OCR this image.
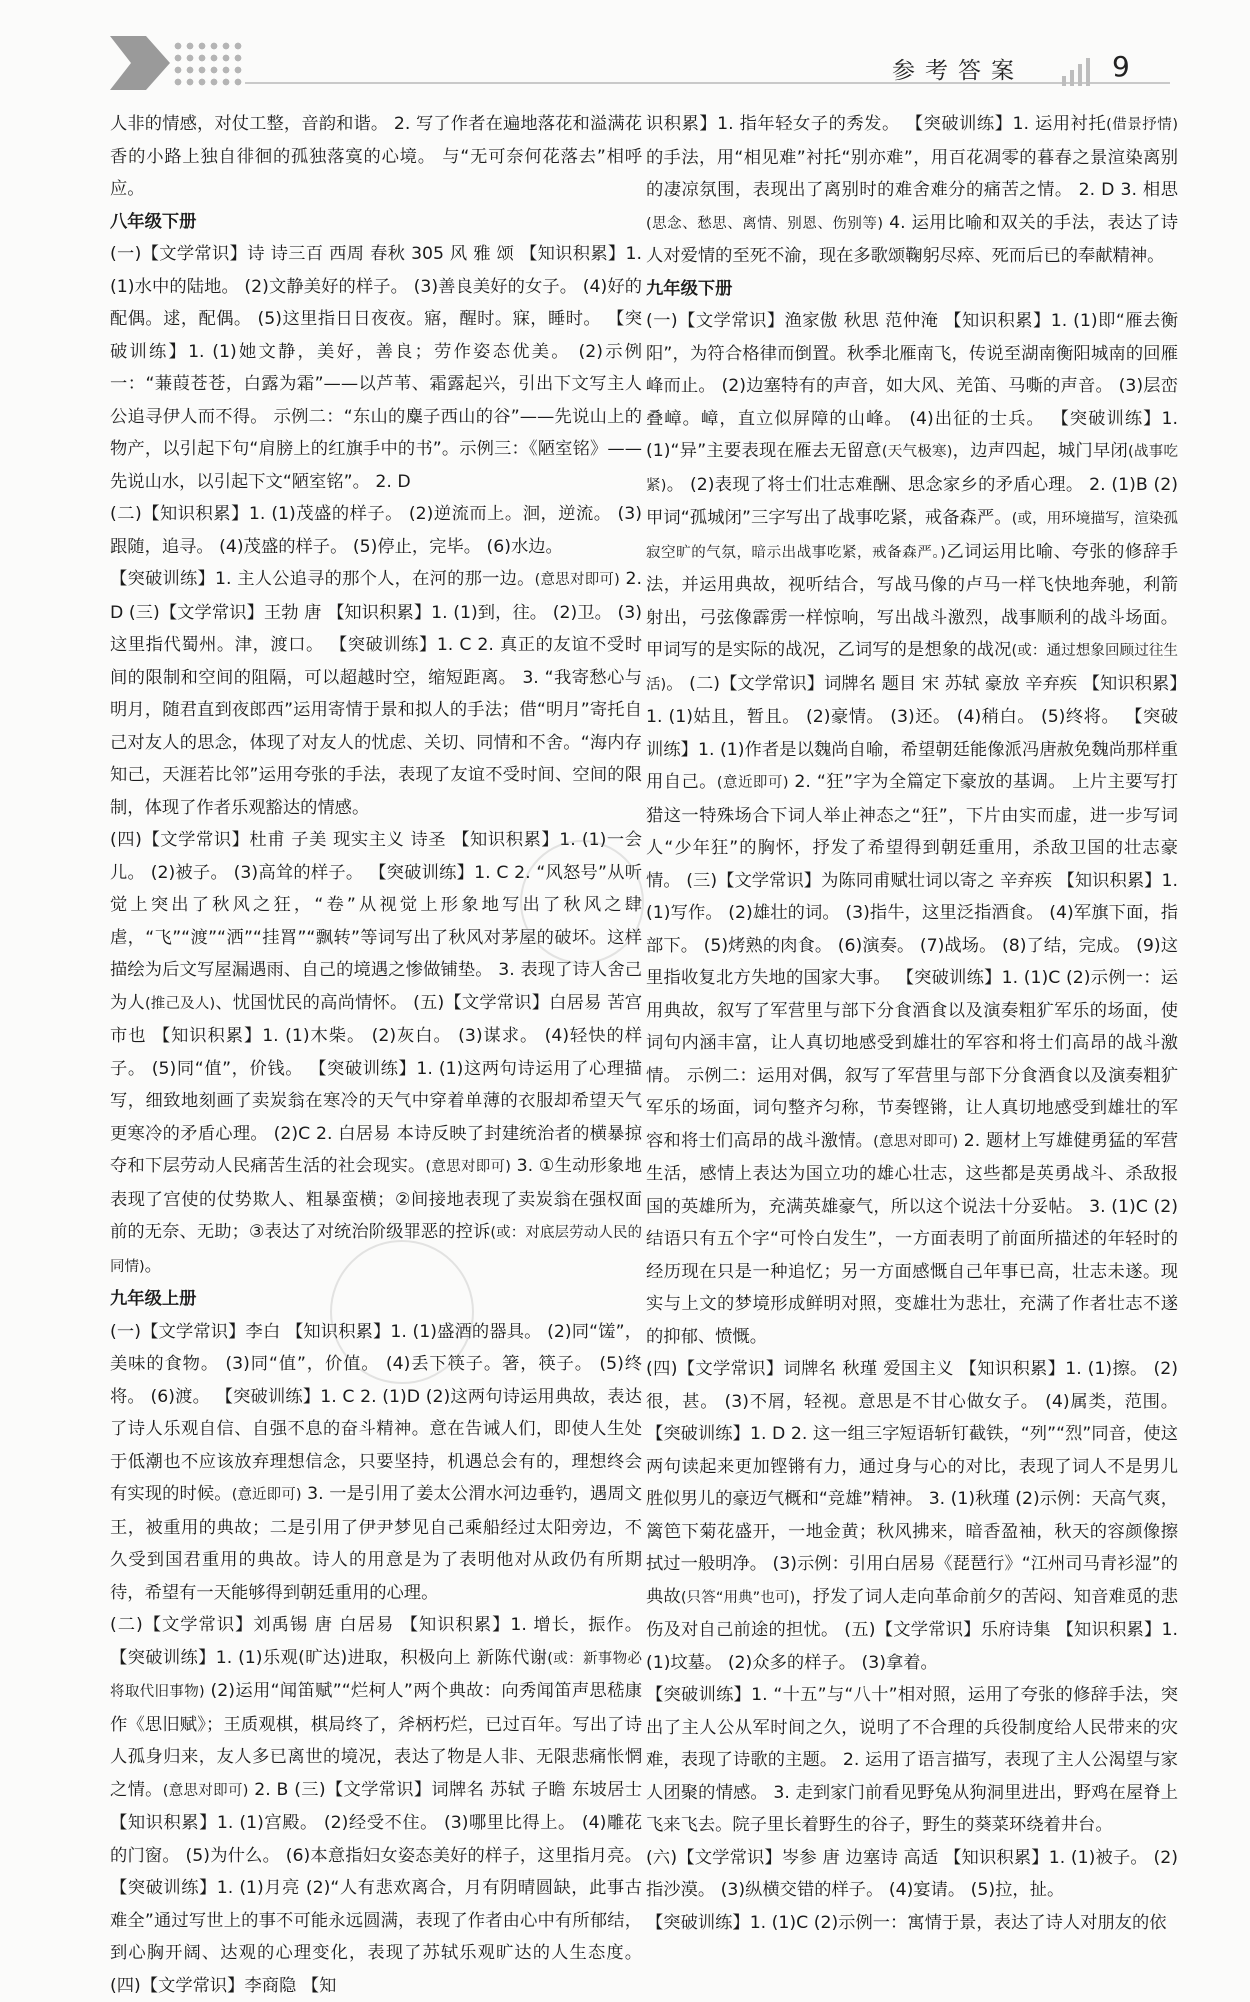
参考答案	9
人非的情感，对仗工整，音韵和谐。 2. 写了作者在遍地落花和溢满花香的小路上独自徘徊的孤独落寞的心境。 与“无可奈何花落去”相呼应。
八年级下册
(一)【文学常识】诗 诗三百 西周 春秋 305 风 雅 颂 【知识积累】1. (1)水中的陆地。 (2)文静美好的样子。 (3)善良美好的女子。 (4)好的配偶。逑，配偶。 (5)这里指日日夜夜。寤，醒时。寐，睡时。 【突破训练】1. (1)她文静，美好，善良；劳作姿态优美。 (2)示例一：“蒹葭苍苍，白露为霜”——以芦苇、霜露起兴，引出下文写主人公追寻伊人而不得。 示例二：“东山的麋子西山的谷”——先说山上的物产，以引起下句“肩膀上的红旗手中的书”。示例三：《陋室铭》——先说山水，以引起下文“陋室铭”。 2. D
(二)【知识积累】1. (1)茂盛的样子。 (2)逆流而上。洄，逆流。 (3)跟随，追寻。 (4)茂盛的样子。 (5)停止，完毕。 (6)水边。
【突破训练】1. 主人公追寻的那个人，在河的那一边。(意思对即可) 2. D (三)【文学常识】王勃 唐 【知识积累】1. (1)到，往。 (2)卫。 (3)这里指代蜀州。津，渡口。 【突破训练】1. C 2. 真正的友谊不受时间的限制和空间的阻隔，可以超越时空，缩短距离。 3. “我寄愁心与明月，随君直到夜郎西”运用寄情于景和拟人的手法；借“明月”寄托自己对友人的思念，体现了对友人的忧虑、关切、同情和不舍。“海内存知己，天涯若比邻”运用夸张的手法，表现了友谊不受时间、空间的限制，体现了作者乐观豁达的情感。
(四)【文学常识】杜甫 子美 现实主义 诗圣 【知识积累】1. (1)一会儿。 (2)被子。 (3)高耸的样子。 【突破训练】1. C 2. “风怒号”从听觉上突出了秋风之狂，“卷”从视觉上形象地写出了秋风之肆虐，“飞”“渡”“洒”“挂罥”“飘转”等词写出了秋风对茅屋的破坏。这样描绘为后文写屋漏遇雨、自己的境遇之惨做铺垫。 3. 表现了诗人舍己为人(推己及人)、忧国忧民的高尚情怀。 (五)【文学常识】白居易 苦宫市也 【知识积累】1. (1)木柴。 (2)灰白。 (3)谋求。 (4)轻快的样子。 (5)同“值”，价钱。 【突破训练】1. (1)这两句诗运用了心理描写，细致地刻画了卖炭翁在寒冷的天气中穿着单薄的衣服却希望天气更寒冷的矛盾心理。 (2)C 2. 白居易 本诗反映了封建统治者的横暴掠夺和下层劳动人民痛苦生活的社会现实。(意思对即可) 3. ①生动形象地表现了宫使的仗势欺人、粗暴蛮横；②间接地表现了卖炭翁在强权面前的无奈、无助；③表达了对统治阶级罪恶的控诉(或：对底层劳动人民的同情)。
九年级上册
(一)【文学常识】李白 【知识积累】1. (1)盛酒的器具。 (2)同“馐”，美味的食物。 (3)同“值”，价值。 (4)丢下筷子。箸，筷子。 (5)终将。 (6)渡。 【突破训练】1. C 2. (1)D (2)这两句诗运用典故，表达了诗人乐观自信、自强不息的奋斗精神。意在告诫人们，即使人生处于低潮也不应该放弃理想信念，只要坚持，机遇总会有的，理想终会有实现的时候。(意近即可) 3. 一是引用了姜太公渭水河边垂钓，遇周文王，被重用的典故；二是引用了伊尹梦见自己乘船经过太阳旁边，不久受到国君重用的典故。诗人的用意是为了表明他对从政仍有所期待，希望有一天能够得到朝廷重用的心理。
(二)【文学常识】刘禹锡 唐 白居易 【知识积累】1. 增长，振作。 【突破训练】1. (1)乐观(旷达)进取，积极向上 新陈代谢(或：新事物必将取代旧事物) (2)运用“闻笛赋”“烂柯人”两个典故：向秀闻笛声思嵇康作《思旧赋》；王质观棋，棋局终了，斧柄朽烂，已过百年。写出了诗人孤身归来，友人多已离世的境况，表达了物是人非、无限悲痛怅惘之情。(意思对即可) 2. B (三)【文学常识】词牌名 苏轼 子瞻 东坡居士 【知识积累】1. (1)宫殿。 (2)经受不住。 (3)哪里比得上。 (4)雕花的门窗。 (5)为什么。 (6)本意指妇女姿态美好的样子，这里指月亮。 【突破训练】1. (1)月亮 (2)“人有悲欢离合，月有阴晴圆缺，此事古难全”通过写世上的事不可能永远圆满，表现了作者由心中有所郁结，到心胸开阔、达观的心理变化，表现了苏轼乐观旷达的人生态度。 (四)【文学常识】李商隐 【知
识积累】1. 指年轻女子的秀发。 【突破训练】1. 运用衬托(借景抒情)的手法，用“相见难”衬托“别亦难”，用百花凋零的暮春之景渲染离别的凄凉氛围，表现出了离别时的难舍难分的痛苦之情。 2. D 3. 相思(思念、愁思、离情、别恩、伤别等) 4. 运用比喻和双关的手法，表达了诗人对爱情的至死不渝，现在多歌颂鞠躬尽瘁、死而后已的奉献精神。
九年级下册
(一)【文学常识】渔家傲 秋思 范仲淹 【知识积累】1. (1)即“雁去衡阳”，为符合格律而倒置。秋季北雁南飞，传说至湖南衡阳城南的回雁峰而止。 (2)边塞特有的声音，如大风、羌笛、马嘶的声音。 (3)层峦叠嶂。嶂，直立似屏障的山峰。 (4)出征的士兵。 【突破训练】1. (1)“异”主要表现在雁去无留意(天气极寒)，边声四起，城门早闭(战事吃紧)。 (2)表现了将士们壮志难酬、思念家乡的矛盾心理。 2. (1)B (2)甲词“孤城闭”三字写出了战事吃紧，戒备森严。(或，用环境描写，渲染孤寂空旷的气氛，暗示出战事吃紧，戒备森严。)乙词运用比喻、夸张的修辞手法，并运用典故，视听结合，写战马像的卢马一样飞快地奔驰，利箭射出，弓弦像霹雳一样惊响，写出战斗激烈，战事顺利的战斗场面。甲词写的是实际的战况，乙词写的是想象的战况(或：通过想象回顾过往生活)。 (二)【文学常识】词牌名 题目 宋 苏轼 豪放 辛弃疾 【知识积累】1. (1)姑且，暂且。 (2)豪情。 (3)还。 (4)稍白。 (5)终将。 【突破训练】1. (1)作者是以魏尚自喻，希望朝廷能像派冯唐赦免魏尚那样重用自己。(意近即可) 2. “狂”字为全篇定下豪放的基调。 上片主要写打猎这一特殊场合下词人举止神态之“狂”，下片由实而虚，进一步写词人“少年狂”的胸怀，抒发了希望得到朝廷重用，杀敌卫国的壮志豪情。 (三)【文学常识】为陈同甫赋壮词以寄之 辛弃疾 【知识积累】1. (1)写作。 (2)雄壮的词。 (3)指牛，这里泛指酒食。 (4)军旗下面，指部下。 (5)烤熟的肉食。 (6)演奏。 (7)战场。 (8)了结，完成。 (9)这里指收复北方失地的国家大事。 【突破训练】1. (1)C (2)示例一：运用典故，叙写了军营里与部下分食酒食以及演奏粗犷军乐的场面，使词句内涵丰富，让人真切地感受到雄壮的军容和将士们高昂的战斗激情。 示例二：运用对偶，叙写了军营里与部下分食酒食以及演奏粗犷军乐的场面，词句整齐匀称，节奏铿锵，让人真切地感受到雄壮的军容和将士们高昂的战斗激情。(意思对即可) 2. 题材上写雄健勇猛的军营生活，感情上表达为国立功的雄心壮志，这些都是英勇战斗、杀敌报国的英雄所为，充满英雄豪气，所以这个说法十分妥帖。 3. (1)C (2)结语只有五个字“可怜白发生”，一方面表明了前面所描述的年轻时的经历现在只是一种追忆；另一方面感慨自己年事已高，壮志未遂。现实与上文的梦境形成鲜明对照，变雄壮为悲壮，充满了作者壮志不遂的抑郁、愤慨。
(四)【文学常识】词牌名 秋瑾 爱国主义 【知识积累】1. (1)擦。 (2)很，甚。 (3)不屑，轻视。意思是不甘心做女子。 (4)属类，范围。 【突破训练】1. D 2. 这一组三字短语斩钉截铁，“列”“烈”同音，使这两句读起来更加铿锵有力，通过身与心的对比，表现了词人不是男儿胜似男儿的豪迈气概和“竞雄”精神。 3. (1)秋瑾 (2)示例：天高气爽，篱笆下菊花盛开，一地金黄；秋风拂来，暗香盈袖，秋天的容颜像擦拭过一般明净。 (3)示例：引用白居易《琵琶行》“江州司马青衫湿”的典故(只答“用典”也可)，抒发了词人走向革命前夕的苦闷、知音难觅的悲伤及对自己前途的担忧。 (五)【文学常识】乐府诗集 【知识积累】1. (1)坟墓。 (2)众多的样子。 (3)拿着。
【突破训练】1. “十五”与“八十”相对照，运用了夸张的修辞手法，突出了主人公从军时间之久，说明了不合理的兵役制度给人民带来的灾难，表现了诗歌的主题。 2. 运用了语言描写，表现了主人公渴望与家人团聚的情感。 3. 走到家门前看见野兔从狗洞里进出，野鸡在屋脊上飞来飞去。院子里长着野生的谷子，野生的葵菜环绕着井台。
(六)【文学常识】岑参 唐 边塞诗 高适 【知识积累】1. (1)被子。 (2)指沙漠。 (3)纵横交错的样子。 (4)宴请。 (5)拉，扯。
【突破训练】1. (1)C (2)示例一：寓情于景，表达了诗人对朋友的依
